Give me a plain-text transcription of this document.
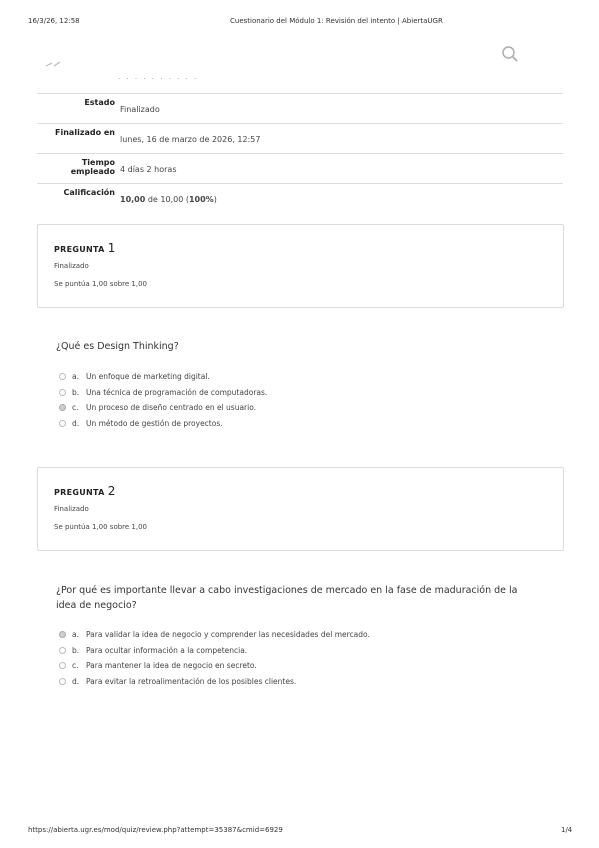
16/3/26, 12:58	Cuestionario del Módulo 1: Revisión del intento | AbiertaUGR
. . . . . . . . . .
Estado
Finalizado
Finalizado en
lunes, 16 de marzo de 2026, 12:57
Tiempo empleado 4 días 2 horas
Calificación
10,00 de 10,00 (100%)
PREGUNTA 1
Finalizado
Se puntúa 1,00 sobre 1,00
¿Qué es Design Thinking?
a. Un enfoque de marketing digital.
b. Una técnica de programación de computadoras.
c. Un proceso de diseño centrado en el usuario.
d. Un método de gestión de proyectos.
PREGUNTA 2
Finalizado
Se puntúa 1,00 sobre 1,00
¿Por qué es importante llevar a cabo investigaciones de mercado en la fase de maduración de la idea de negocio?
a. Para validar la idea de negocio y comprender las necesidades del mercado.
b. Para ocultar información a la competencia.
c. Para mantener la idea de negocio en secreto.
d. Para evitar la retroalimentación de los posibles clientes.
https://abierta.ugr.es/mod/quiz/review.php?attempt=35387&cmid=6929	1/4
